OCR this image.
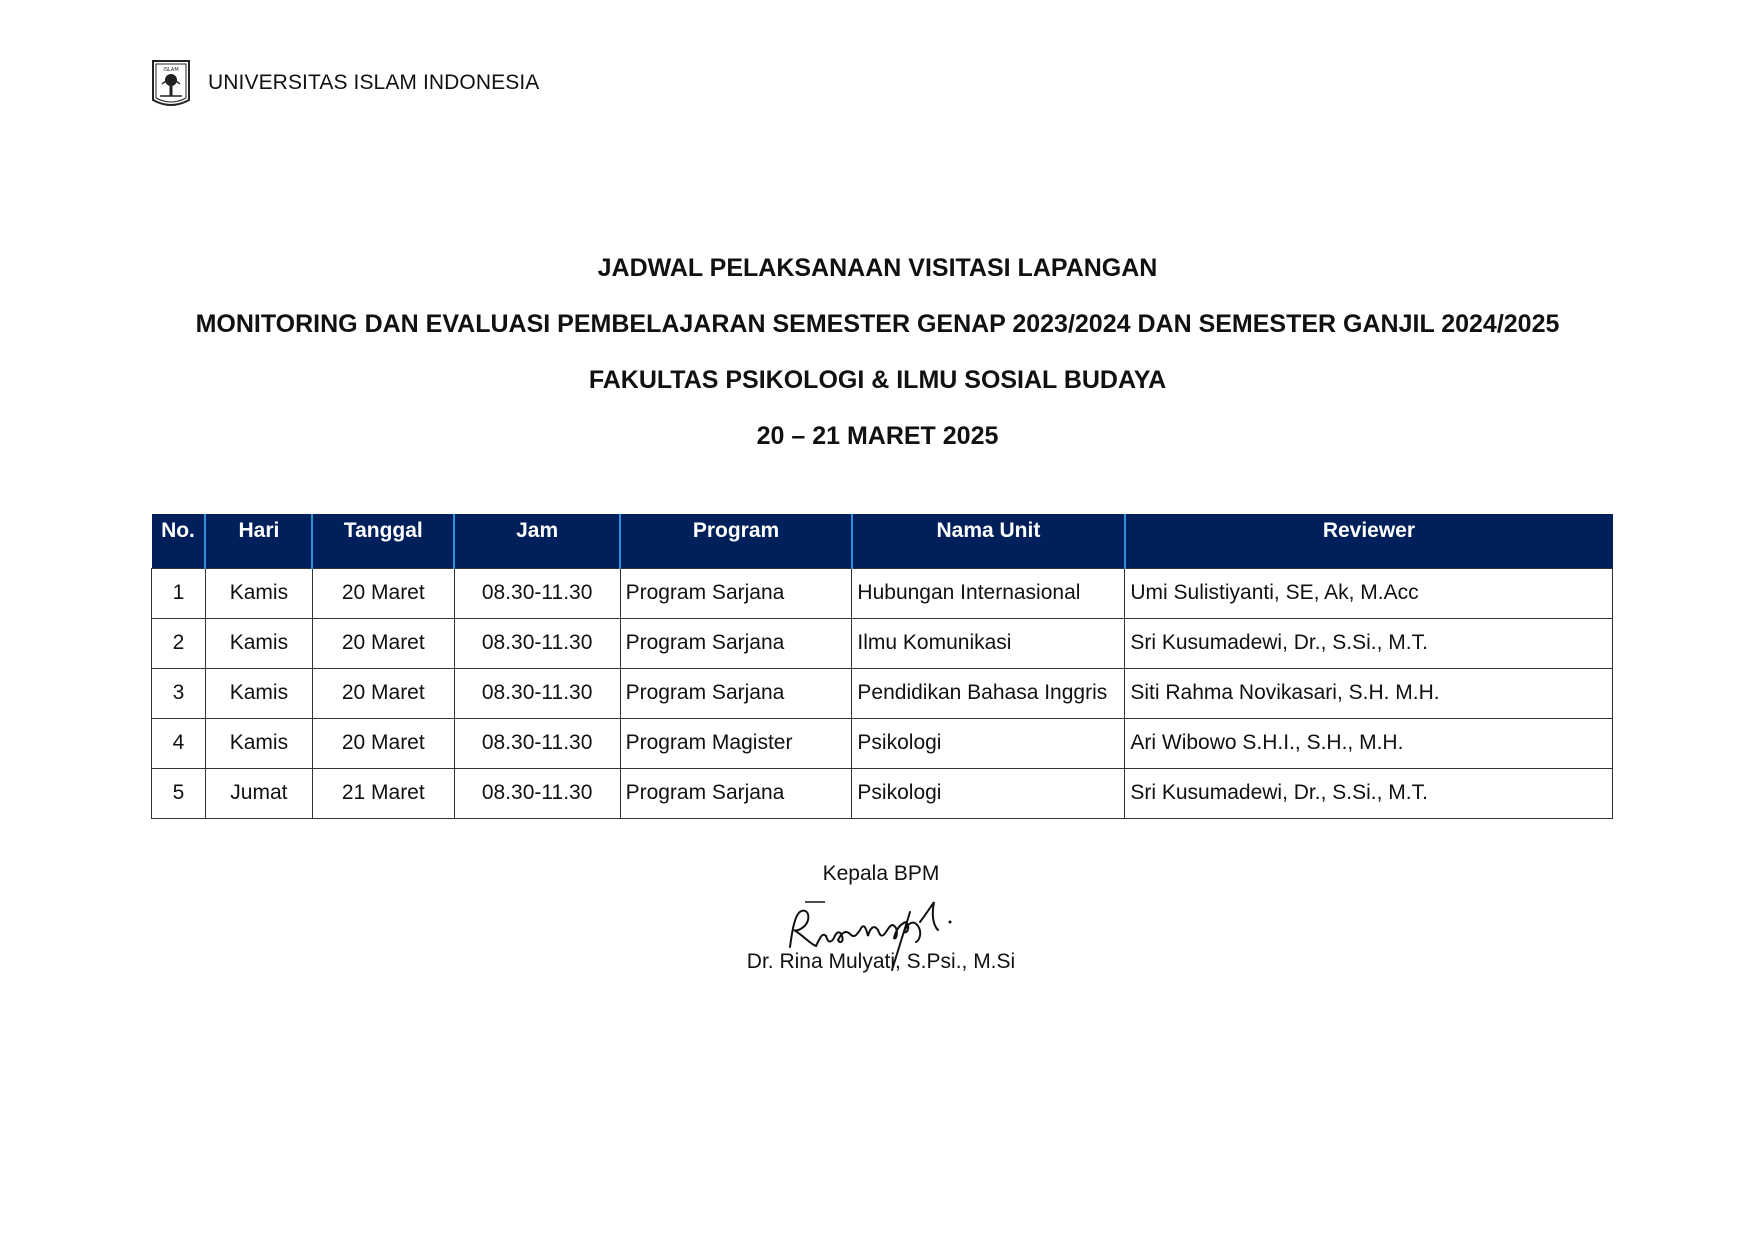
ISLAM
UNIVERSITAS ISLAM INDONESIA
JADWAL PELAKSANAAN VISITASI LAPANGAN
MONITORING DAN EVALUASI PEMBELAJARAN SEMESTER GENAP 2023/2024 DAN SEMESTER GANJIL 2024/2025
FAKULTAS PSIKOLOGI & ILMU SOSIAL BUDAYA
20 – 21 MARET 2025
No.	Hari	Tanggal	Jam	Program	Nama Unit	Reviewer
1	Kamis	20 Maret	08.30-11.30	Program Sarjana	Hubungan Internasional	Umi Sulistiyanti, SE, Ak, M.Acc
2	Kamis	20 Maret	08.30-11.30	Program Sarjana	Ilmu Komunikasi	Sri Kusumadewi, Dr., S.Si., M.T.
3	Kamis	20 Maret	08.30-11.30	Program Sarjana	Pendidikan Bahasa Inggris	Siti Rahma Novikasari, S.H. M.H.
4	Kamis	20 Maret	08.30-11.30	Program Magister	Psikologi	Ari Wibowo S.H.I., S.H., M.H.
5	Jumat	21 Maret	08.30-11.30	Program Sarjana	Psikologi	Sri Kusumadewi, Dr., S.Si., M.T.
Kepala BPM
Dr. Rina Mulyati, S.Psi., M.Si
